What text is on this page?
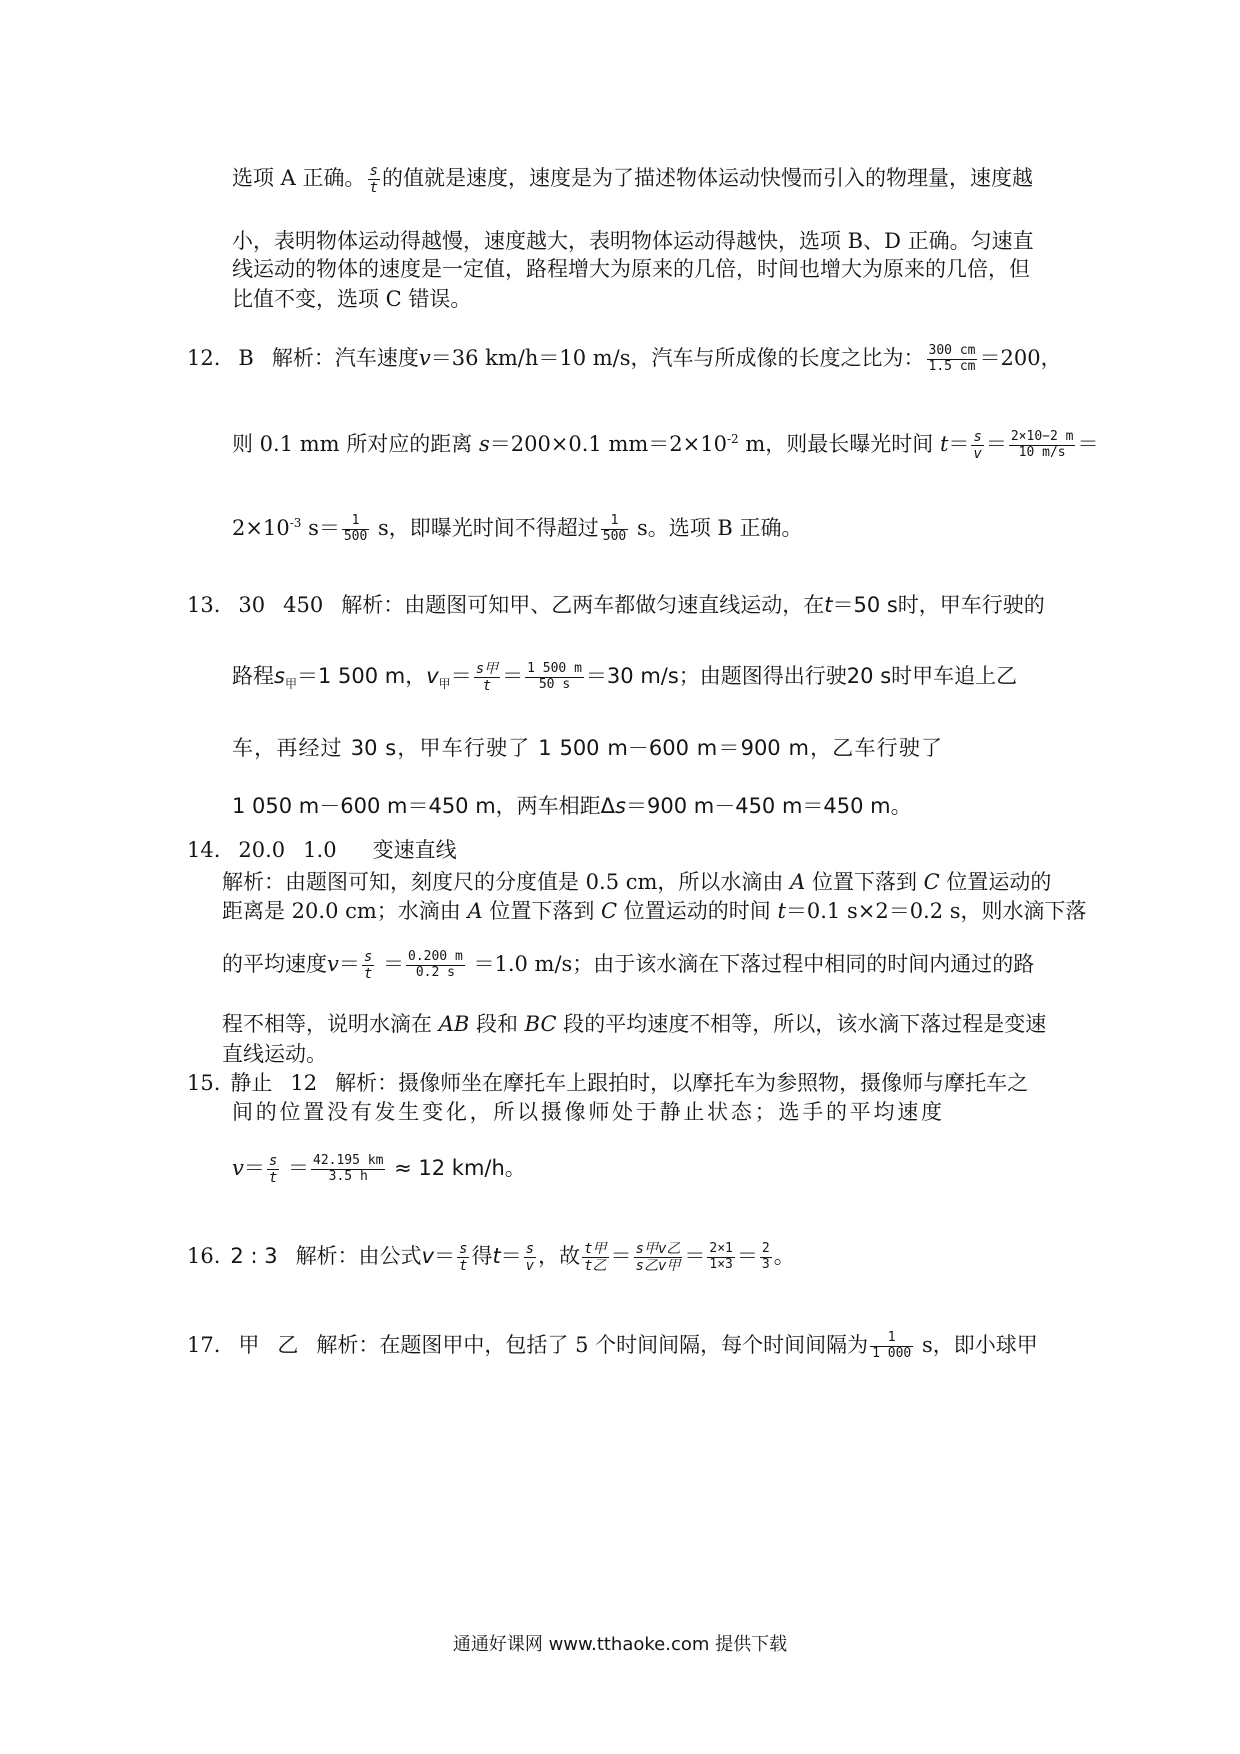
选项 A 正确。 $\frac{s}{t}$ 的值就是速度，速度是为了描述物体运动快慢而引入的物理量，速度越
小，表明物体运动得越慢，速度越大，表明物体运动得越快，选项 B、D 正确。匀速直
线运动的物体的速度是一定值，路程增大为原来的几倍，时间也增大为原来的几倍，但
比值不变，选项 C 错误。
12. B 解析：汽车速度v＝36 km/h＝10 m/s，汽车与所成像的长度之比为： $\frac{300 cm}{1.5 cm} =200$，
则 0.1 mm 所对应的距离 s＝200×0.1 $mm=2\times 10^{-2}$ m，则最长曝光时间 $t= \frac{s}{v} = \frac{2\times 10-2 m}{10 m/s}$ ＝
$2\times 10^{-3}$ $s= \frac{1}{500}$ s，即曝光时间不得超过 $\frac{1}{500}$ s。选项 B 正确。
13. 30 450 解析：由题图可知甲、乙两车都做匀速直线运动，在t＝50 s时，甲车行驶的
路程$s_甲=1$ 500 m，$v_甲= \frac{\text{s甲}}{t} = \frac{1 500 m}{50 s} =30$ m/s；由题图得出行驶20 s时甲车追上乙
车，再经过 30 s，甲车行驶了 1 500 m－600 m＝900 m，乙车行驶了
1 050 m－600 m＝450 m，两车相距Δs＝900 m－450 m＝450 m。
14. 20.0 1.0 变速直线
解析：由题图可知，刻度尺的分度值是 0.5 cm，所以水滴由 A 位置下落到 C 位置运动的
距离是 20.0 cm；水滴由 A 位置下落到 C 位置运动的时间 t＝0.1 s×2＝0.2 s，则水滴下落
的平均速度$v= \frac{s}{t} = \frac{0.200 m}{0.2 s} =1.0$ m/s；由于该水滴在下落过程中相同的时间内通过的路
程不相等，说明水滴在 AB 段和 BC 段的平均速度不相等，所以，该水滴下落过程是变速
直线运动。
15. 静止 12 解析：摄像师坐在摩托车上跟拍时，以摩托车为参照物，摄像师与摩托车之
间的位置没有发生变化，所以摄像师处于静止状态；选手的平均速度
$v= \frac{s}{t} = \frac{42.195 km}{3.5 h} \approx 12$ km/h。
16. 2 : 3 解析：由公式$v= \frac{s}{t}$ 得$t= \frac{s}{v}$ ，故 $\frac{\text{t甲}}{\text{t乙}} = \frac{\text{s甲v乙}}{\text{s乙v甲}} = \frac{2\times 1}{1\times 3} = \frac{2}{3}$ 。
17. 甲 乙 解析：在题图甲中，包括了 5 个时间间隔，每个时间间隔为 $\frac{1}{1 000}$ s，即小球甲
通通好课网 www.tthaoke.com 提供下载
